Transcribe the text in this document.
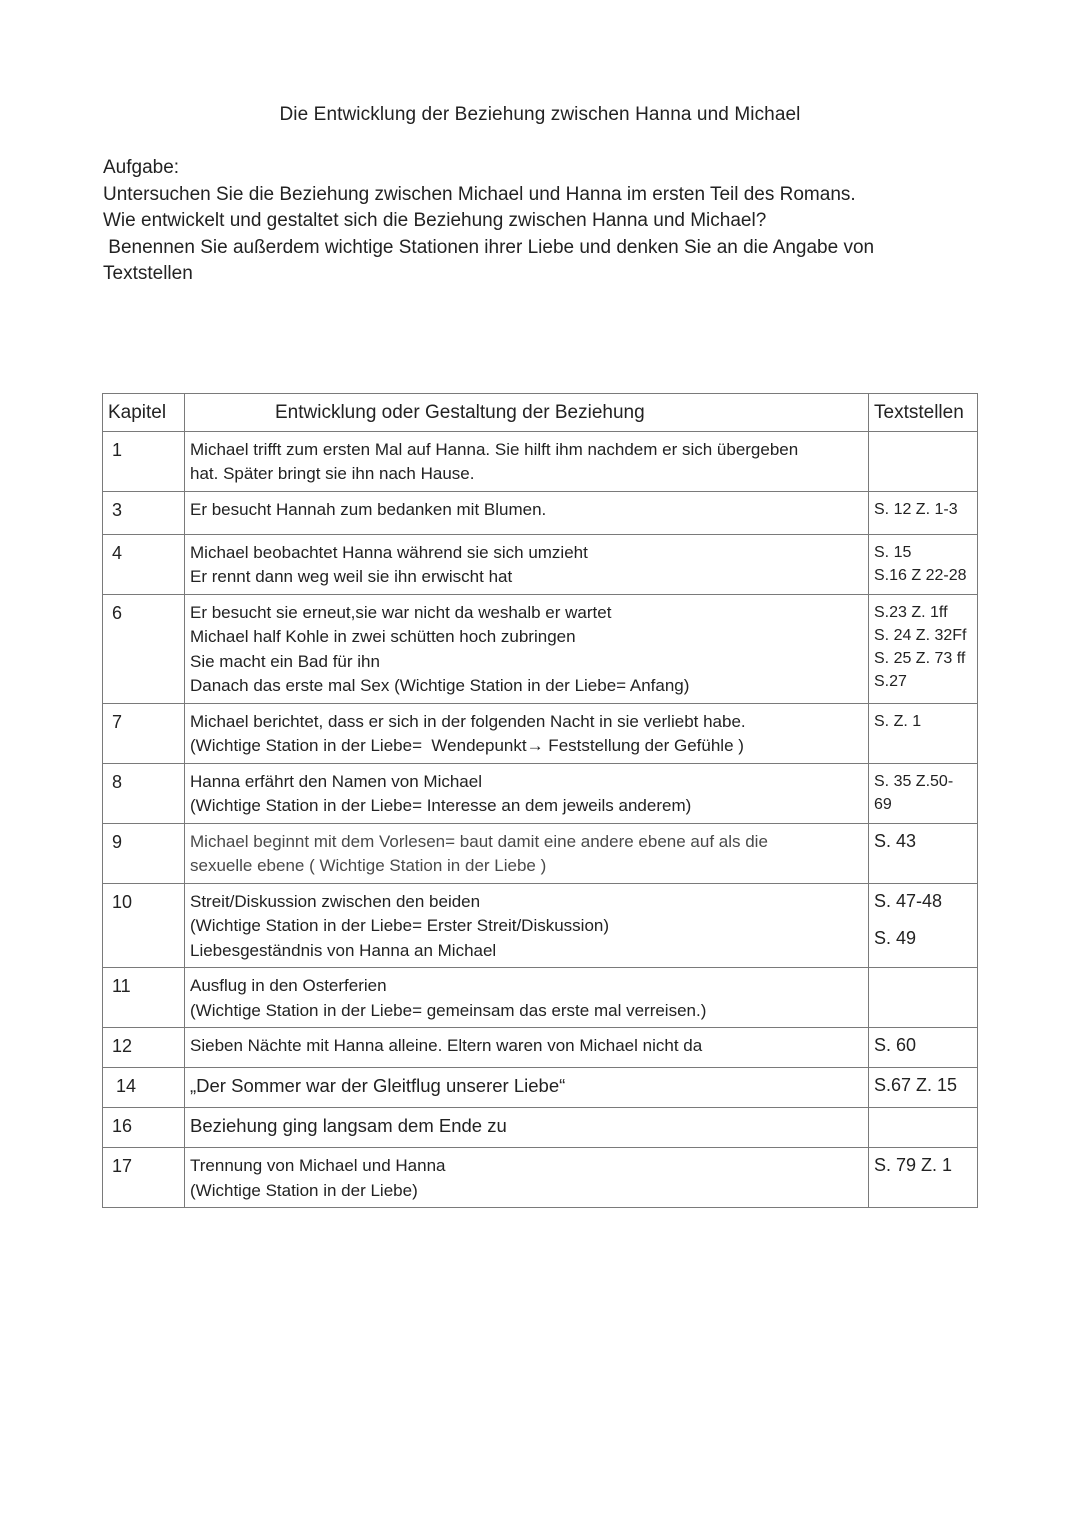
Die Entwicklung der Beziehung zwischen Hanna und Michael
Aufgabe:
Untersuchen Sie die Beziehung zwischen Michael und Hanna im ersten Teil des Romans.
Wie entwickelt und gestaltet sich die Beziehung zwischen Hanna und Michael?
Benennen Sie außerdem wichtige Stationen ihrer Liebe und denken Sie an die Angabe von
Textstellen
Kapitel	Entwicklung oder Gestaltung der Beziehung	Textstellen
1	Michael trifft zum ersten Mal auf Hanna. Sie hilft ihm nachdem er sich übergeben
hat. Später bringt sie ihn nach Hause.	

3	Er besucht Hannah zum bedanken mit Blumen.	S. 12 Z. 1-3

4	Michael beobachtet Hanna während sie sich umzieht
Er rennt dann weg weil sie ihn erwischt hat	S. 15
S.16 Z 22-28

6	Er besucht sie erneut,sie war nicht da weshalb er wartet
Michael half Kohle in zwei schütten hoch zubringen
Sie macht ein Bad für ihn
Danach das erste mal Sex (Wichtige Station in der Liebe= Anfang)	S.23 Z. 1ff
S. 24 Z. 32Ff
S. 25 Z. 73 ff
S.27

7	Michael berichtet, dass er sich in der folgenden Nacht in sie verliebt habe.
(Wichtige Station in der Liebe=  Wendepunkt→ Feststellung der Gefühle )	S. Z. 1

8	Hanna erfährt den Namen von Michael
(Wichtige Station in der Liebe= Interesse an dem jeweils anderem)	S. 35 Z.50-
69

9	Michael beginnt mit dem Vorlesen= baut damit eine andere ebene auf als die
sexuelle ebene ( Wichtige Station in der Liebe )	S. 43

10	Streit/Diskussion zwischen den beiden
(Wichtige Station in der Liebe= Erster Streit/Diskussion)
Liebesgeständnis von Hanna an Michael	S. 47-48
S. 49

11	Ausflug in den Osterferien
(Wichtige Station in der Liebe= gemeinsam das erste mal verreisen.)	

12	Sieben Nächte mit Hanna alleine. Eltern waren von Michael nicht da	S. 60

14	„Der Sommer war der Gleitflug unserer Liebe“	S.67 Z. 15

16	Beziehung ging langsam dem Ende zu	

17	Trennung von Michael und Hanna
(Wichtige Station in der Liebe)	S. 79 Z. 1
